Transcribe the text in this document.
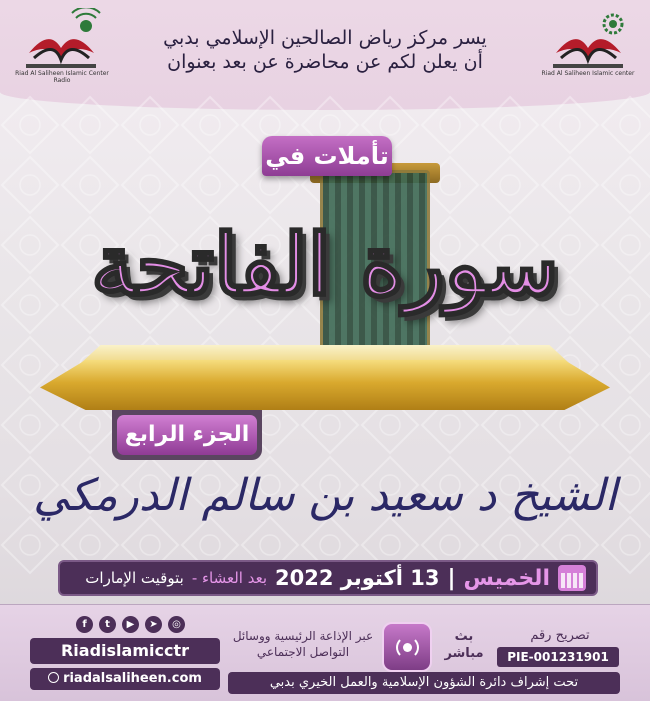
Riad Al Saliheen Islamic Center Radio
Riad Al Saliheen Islamic center
يسر مركز رياض الصالحين الإسلامي بدبي
أن يعلن لكم عن محاضرة عن بعد بعنوان
تأملات في
سورة الفاتحة
الجزء الرابع
الشيخ د سعيد بن سالم الدرمكي
الخميس
|
13 أكتوبر 2022
بعد العشاء -
بتوقيت الإمارات
f	t	▶	➤	◎
Riadislamicctr
riadalsaliheen.com
عبر الإذاعة الرئيسية ووسائل التواصل الاجتماعي
بث مباشر
تصريح رقم
PIE-001231901
تحت إشراف دائرة الشؤون الإسلامية والعمل الخيري بدبي
